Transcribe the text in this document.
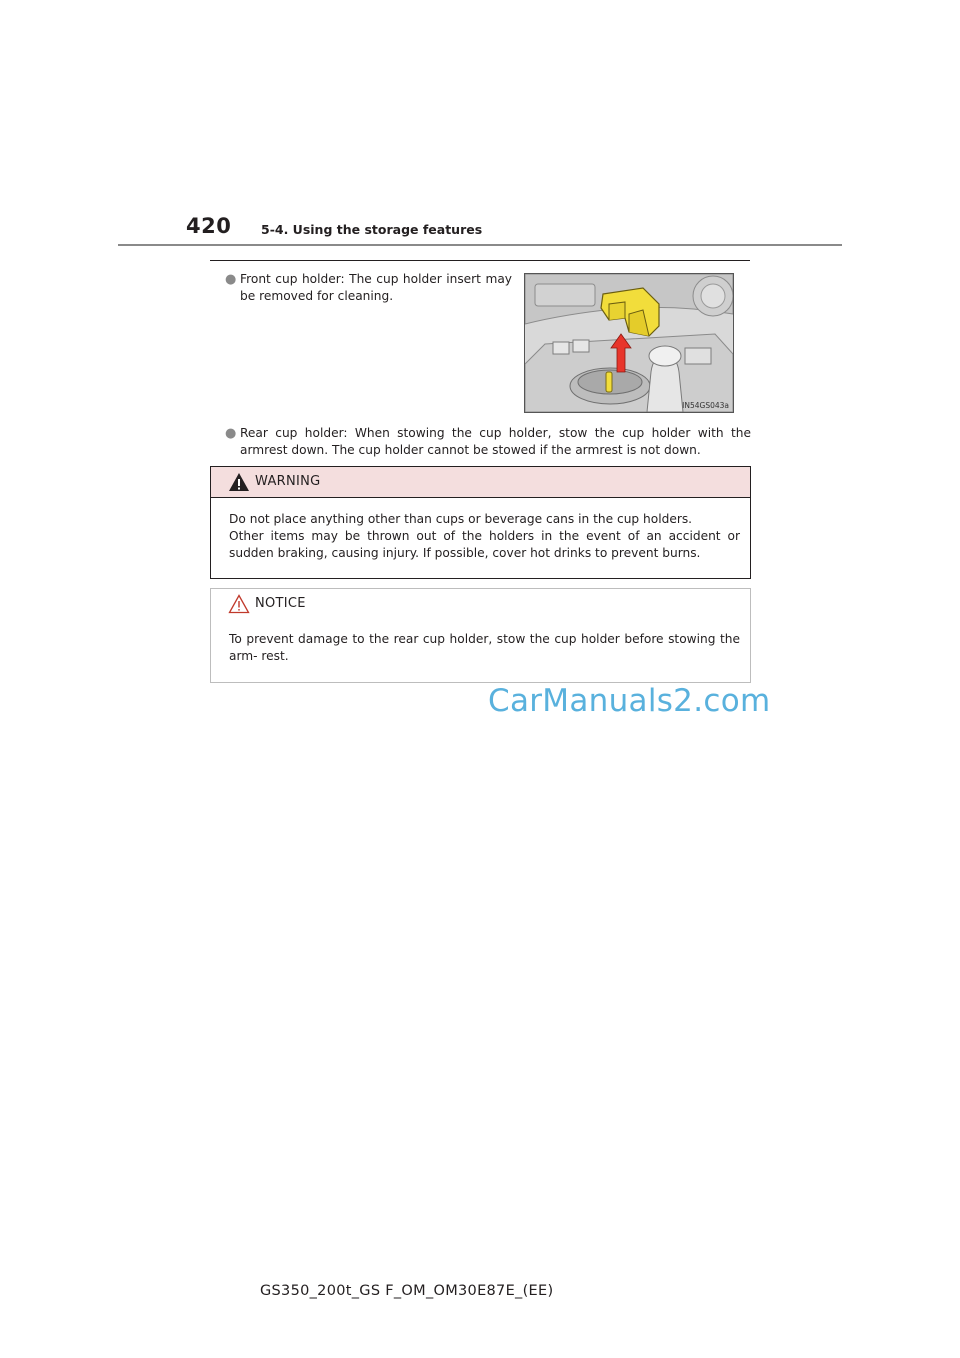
420 5-4. Using the storage features
● Front cup holder: The cup holder insert may be removed for cleaning.
IN54GS043a
● Rear cup holder: When stowing the cup holder, stow the cup holder with the armrest down. The cup holder cannot be stowed if the armrest is not down.
WARNING
Do not place anything other than cups or beverage cans in the cup holders.
Other items may be thrown out of the holders in the event of an accident or sudden braking, causing injury. If possible, cover hot drinks to prevent burns.
NOTICE
To prevent damage to the rear cup holder, stow the cup holder before stowing the arm- rest.
CarManuals2.com
GS350_200t_GS F_OM_OM30E87E_(EE)
